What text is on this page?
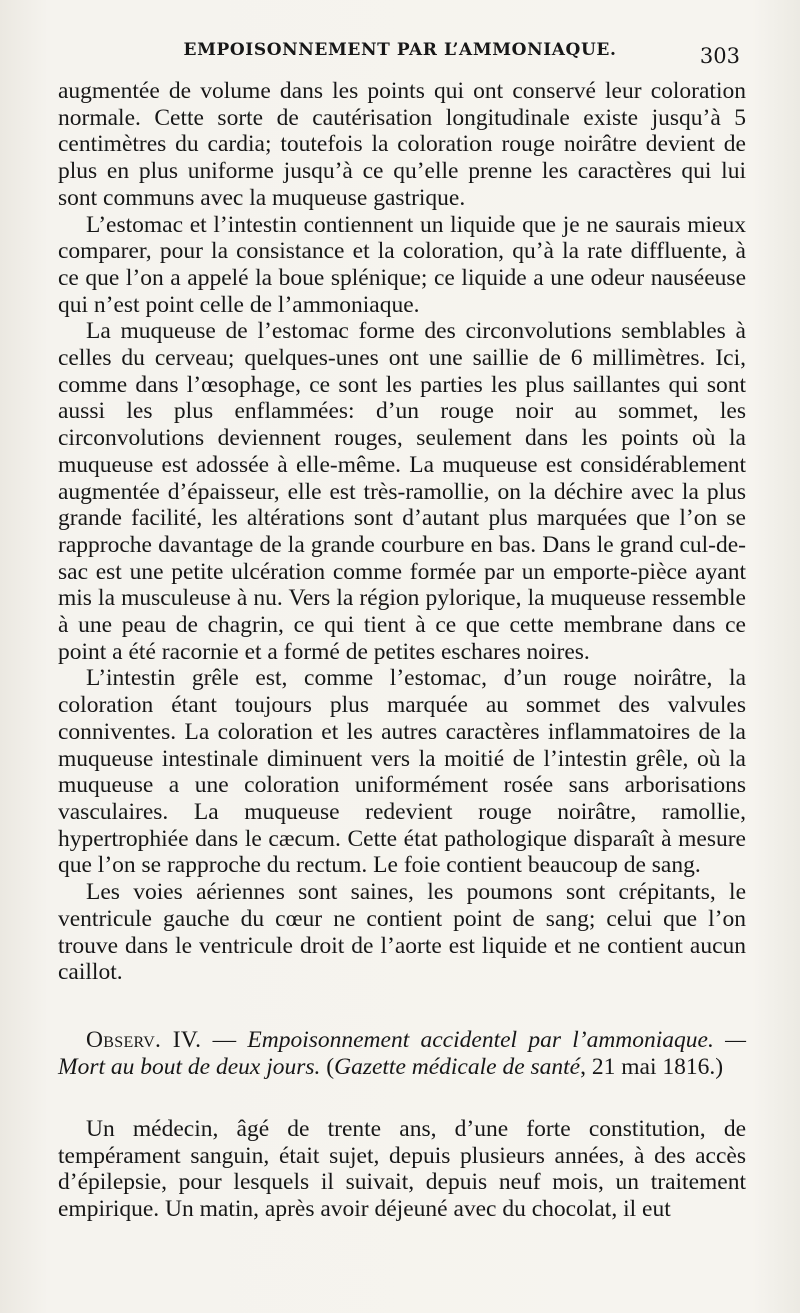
EMPOISONNEMENT PAR L’AMMONIAQUE.	303

augmentée de volume dans les points qui ont conservé leur coloration normale. Cette sorte de cautérisation longitudinale existe jusqu’à 5 centimètres du cardia; toutefois la coloration rouge noirâtre devient de plus en plus uniforme jusqu’à ce qu’elle prenne les caractères qui lui sont communs avec la muqueuse gastrique.

L’estomac et l’intestin contiennent un liquide que je ne saurais mieux comparer, pour la consistance et la coloration, qu’à la rate diffluente, à ce que l’on a appelé la boue splénique; ce liquide a une odeur nauséeuse qui n’est point celle de l’ammoniaque.

La muqueuse de l’estomac forme des circonvolutions semblables à celles du cerveau; quelques-unes ont une saillie de 6 millimètres. Ici, comme dans l’œsophage, ce sont les parties les plus saillantes qui sont aussi les plus enflammées: d’un rouge noir au sommet, les circonvolutions deviennent rouges, seulement dans les points où la muqueuse est adossée à elle-même. La muqueuse est considérablement augmentée d’épaisseur, elle est très-ramollie, on la déchire avec la plus grande facilité, les altérations sont d’autant plus marquées que l’on se rapproche davantage de la grande courbure en bas. Dans le grand cul-de-sac est une petite ulcération comme formée par un emporte-pièce ayant mis la musculeuse à nu. Vers la région pylorique, la muqueuse ressemble à une peau de chagrin, ce qui tient à ce que cette membrane dans ce point a été racornie et a formé de petites eschares noires.

L’intestin grêle est, comme l’estomac, d’un rouge noirâtre, la coloration étant toujours plus marquée au sommet des valvules conniventes. La coloration et les autres caractères inflammatoires de la muqueuse intestinale diminuent vers la moitié de l’intestin grêle, où la muqueuse a une coloration uniformément rosée sans arborisations vasculaires. La muqueuse redevient rouge noirâtre, ramollie, hypertrophiée dans le cæcum. Cette état pathologique disparaît à mesure que l’on se rapproche du rectum. Le foie contient beaucoup de sang.

Les voies aériennes sont saines, les poumons sont crépitants, le ventricule gauche du cœur ne contient point de sang; celui que l’on trouve dans le ventricule droit de l’aorte est liquide et ne contient aucun caillot.

Observ. IV. — Empoisonnement accidentel par l’ammoniaque. — Mort au bout de deux jours. (Gazette médicale de santé, 21 mai 1816.)

Un médecin, âgé de trente ans, d’une forte constitution, de tempérament sanguin, était sujet, depuis plusieurs années, à des accès d’épilepsie, pour lesquels il suivait, depuis neuf mois, un traitement empirique. Un matin, après avoir déjeuné avec du chocolat, il eut
